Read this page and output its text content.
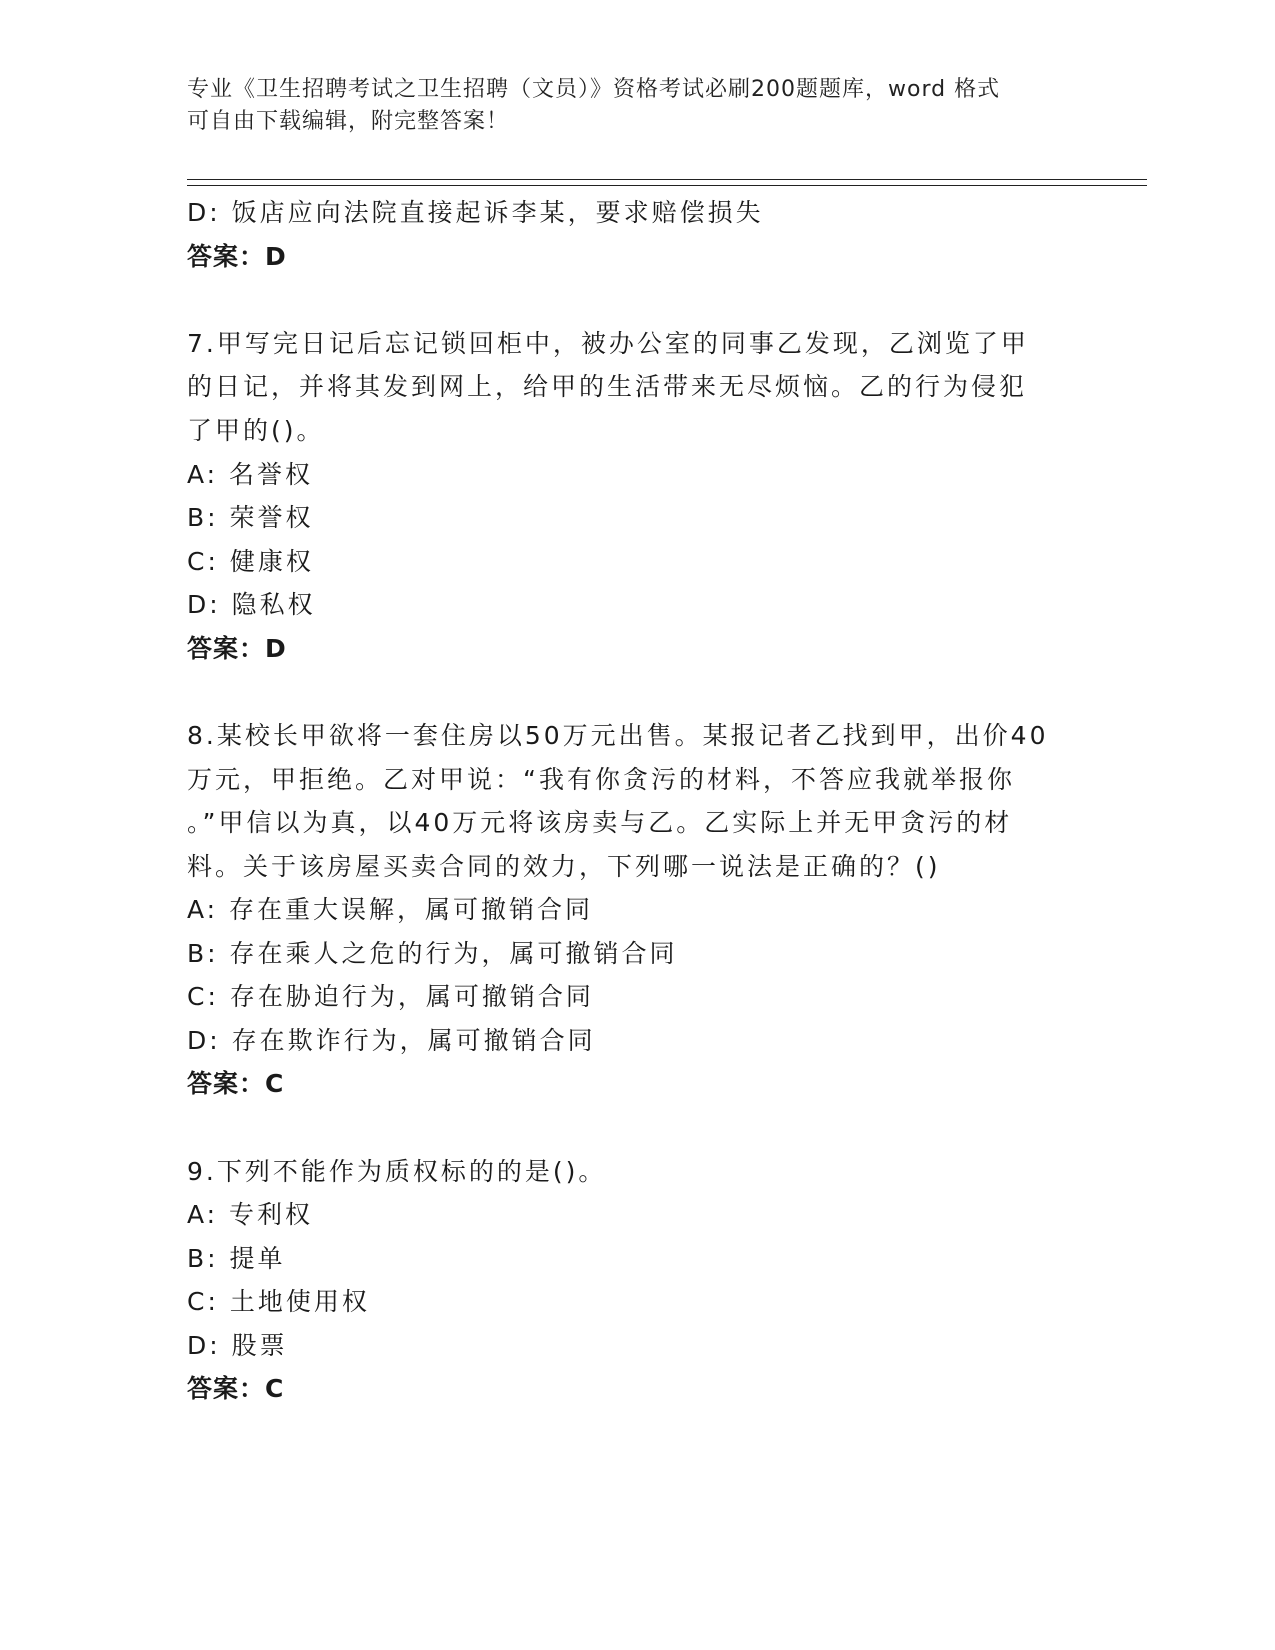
专业《卫生招聘考试之卫生招聘（文员）》资格考试必刷200题题库，word 格式
可自由下载编辑，附完整答案！
D: 饭店应向法院直接起诉李某，要求赔偿损失
答案：D
7.甲写完日记后忘记锁回柜中，被办公室的同事乙发现，乙浏览了甲
的日记，并将其发到网上，给甲的生活带来无尽烦恼。乙的行为侵犯
了甲的()。
A: 名誉权
B: 荣誉权
C: 健康权
D: 隐私权
答案：D
8.某校长甲欲将一套住房以50万元出售。某报记者乙找到甲，出价40
万元，甲拒绝。乙对甲说：“我有你贪污的材料，不答应我就举报你
。”甲信以为真，以40万元将该房卖与乙。乙实际上并无甲贪污的材
料。关于该房屋买卖合同的效力，下列哪一说法是正确的？()
A: 存在重大误解，属可撤销合同
B: 存在乘人之危的行为，属可撤销合同
C: 存在胁迫行为，属可撤销合同
D: 存在欺诈行为，属可撤销合同
答案：C
9.下列不能作为质权标的的是()。
A: 专利权
B: 提单
C: 土地使用权
D: 股票
答案：C
